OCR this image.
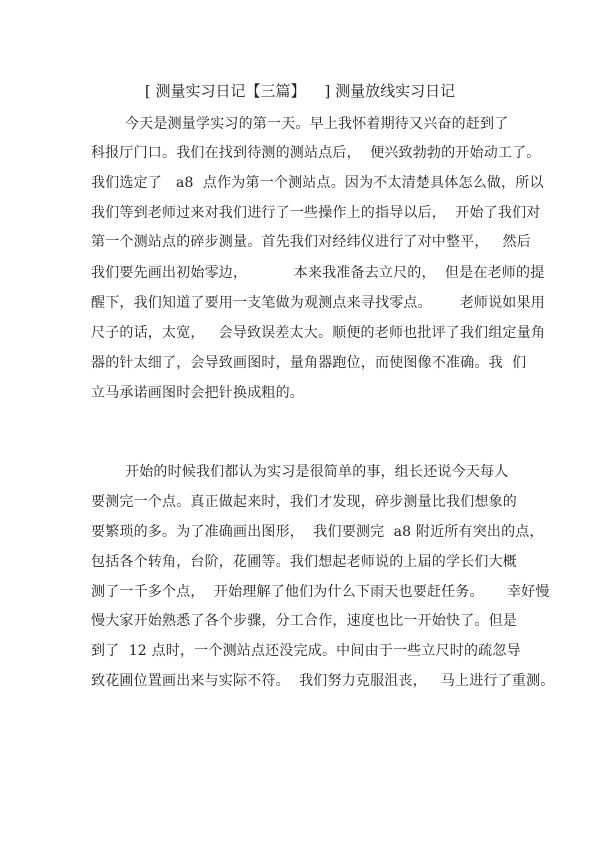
[ 测量实习日记【三篇】    ] 测量放线实习日记
今天是测量学实习的第一天。早上我怀着期待又兴奋的赶到了
科报厅门口。我们在找到待测的测站点后，  便兴致勃勃的开始动工了。
我们选定了   a8  点作为第一个测站点。因为不太清楚具体怎么做，所以
我们等到老师过来对我们进行了一些操作上的指导以后，  开始了我们对
第一个测站点的碎步测量。首先我们对经纬仪进行了对中整平，   然后
我们要先画出初始零边，          本来我准备去立尺的，  但是在老师的提
醒下，我们知道了要用一支笔做为观测点来寻找零点。      老师说如果用
尺子的话，太宽，   会导致误差太大。顺便的老师也批评了我们组定量角
器的针太细了，会导致画图时，量角器跑位，而使图像不准确。我  们
立马承诺画图时会把针换成粗的。
开始的时候我们都认为实习是很简单的事，组长还说今天每人
要测完一个点。真正做起来时，我们才发现，碎步测量比我们想象的
要繁琐的多。为了准确画出图形，  我们要测完  a8 附近所有突出的点，
包括各个转角，台阶，花圃等。我们想起老师说的上届的学长们大概
测了一千多个点，  开始理解了他们为什么下雨天也要赶任务。     幸好慢
慢大家开始熟悉了各个步骤，分工合作，速度也比一开始快了。但是
到了  12 点时，一个测站点还没完成。中间由于一些立尺时的疏忽导
致花圃位置画出来与实际不符。  我们努力克服沮丧，   马上进行了重测。
